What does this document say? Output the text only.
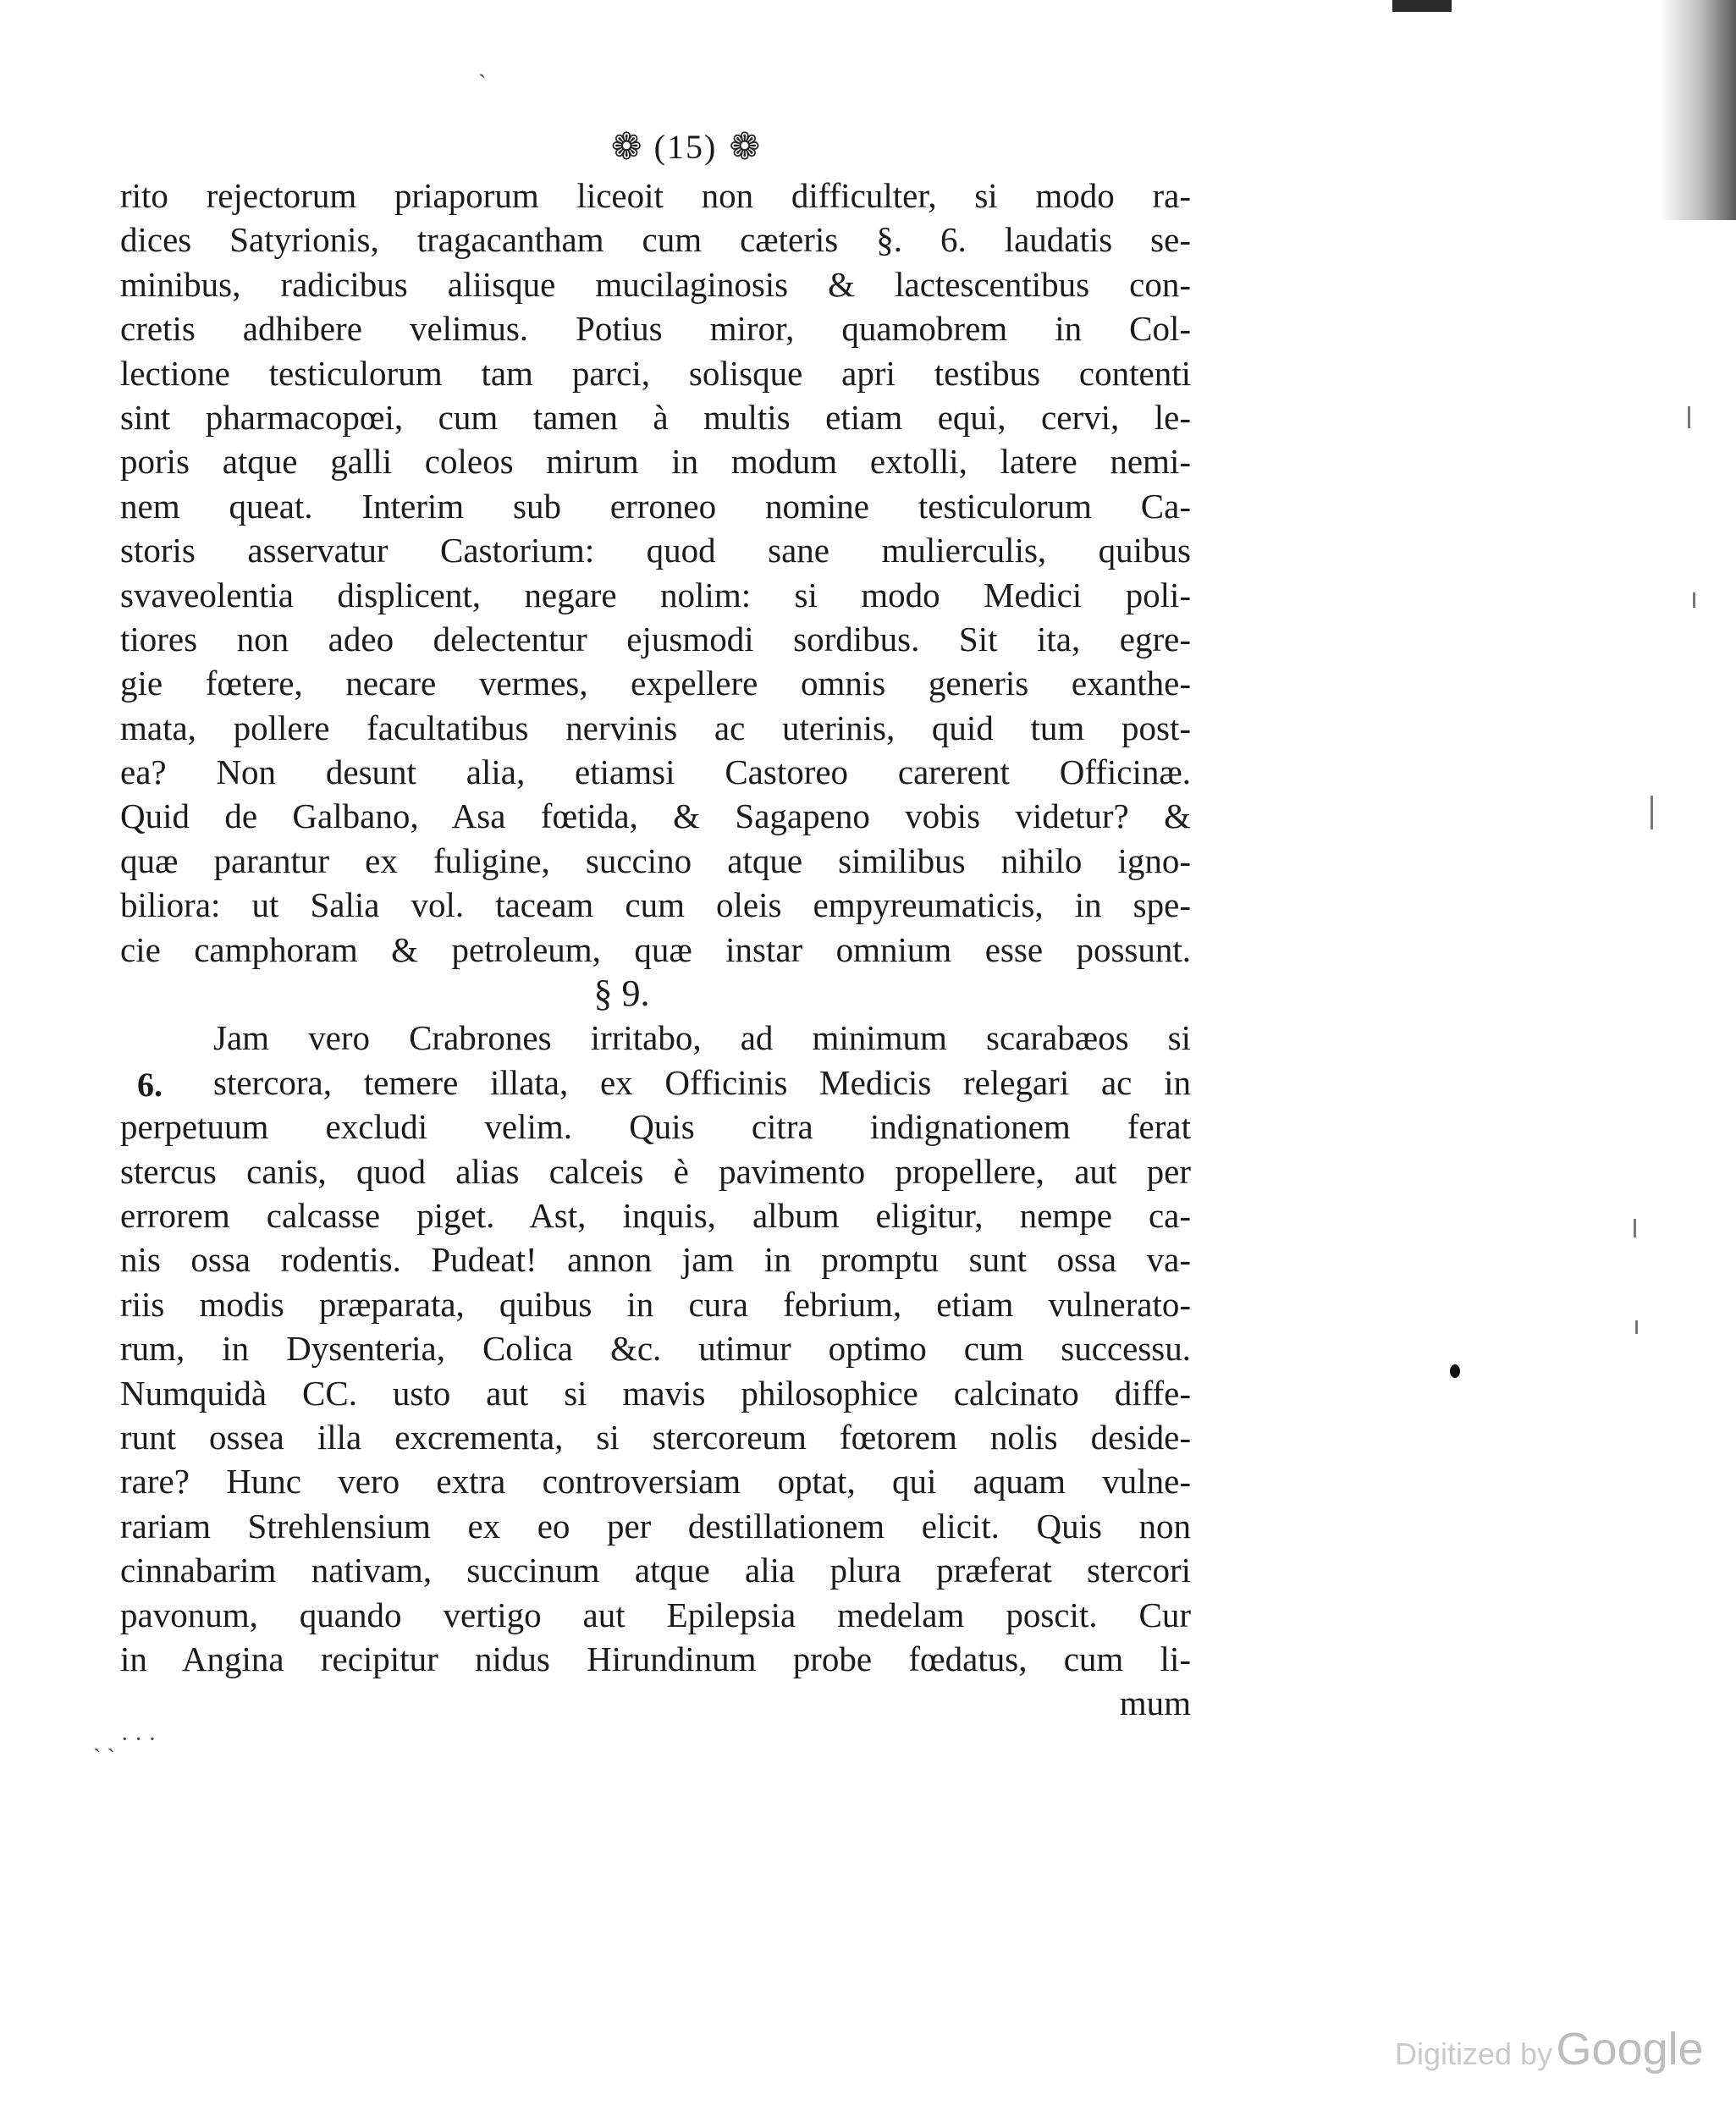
ˏ
❁ (15) ❁
rito rejectorum priaporum liceoit non difficulter, si modo ra-
dices Satyrionis, tragacantham cum cæteris §. 6. laudatis se-
minibus, radicibus aliisque mucilaginosis & lactescentibus con-
cretis adhibere velimus. Potius miror, quamobrem in Col-
lectione testiculorum tam parci, solisque apri testibus contenti
sint pharmacopœi, cum tamen à multis etiam equi, cervi, le-
poris atque galli coleos mirum in modum extolli, latere nemi-
nem queat. Interim sub erroneo nomine testiculorum Ca-
storis asservatur Castorium: quod sane mulierculis, quibus
svaveolentia displicent, negare nolim: si modo Medici poli-
tiores non adeo delectentur ejusmodi sordibus. Sit ita, egre-
gie fœtere, necare vermes, expellere omnis generis exanthe-
mata, pollere facultatibus nervinis ac uterinis, quid tum post-
ea? Non desunt alia, etiamsi Castoreo carerent Officinæ.
Quid de Galbano, Asa fœtida, & Sagapeno vobis videtur? &
quæ parantur ex fuligine, succino atque similibus nihilo igno-
biliora: ut Salia vol. taceam cum oleis empyreumaticis, in spe-
cie camphoram & petroleum, quæ instar omnium esse possunt.
§ 9.
Jam vero Crabrones irritabo, ad minimum scarabæos si
stercora, temere illata, ex Officinis Medicis relegari ac in
perpetuum excludi velim. Quis citra indignationem ferat
stercus canis, quod alias calceis è pavimento propellere, aut per
errorem calcasse piget. Ast, inquis, album eligitur, nempe ca-
nis ossa rodentis. Pudeat! annon jam in promptu sunt ossa va-
riis modis præparata, quibus in cura febrium, etiam vulnerato-
rum, in Dysenteria, Colica &c. utimur optimo cum successu.
Numquidà CC. usto aut si mavis philosophice calcinato diffe-
runt ossea illa excrementa, si stercoreum fœtorem nolis deside-
rare? Hunc vero extra controversiam optat, qui aquam vulne-
rariam Strehlensium ex eo per destillationem elicit. Quis non
cinnabarim nativam, succinum atque alia plura præferat stercori
pavonum, quando vertigo aut Epilepsia medelam poscit. Cur
in Angina recipitur nidus Hirundinum probe fœdatus, cum li-
mum
6.
ˏ ˎ · · ·
Digitized by Google
